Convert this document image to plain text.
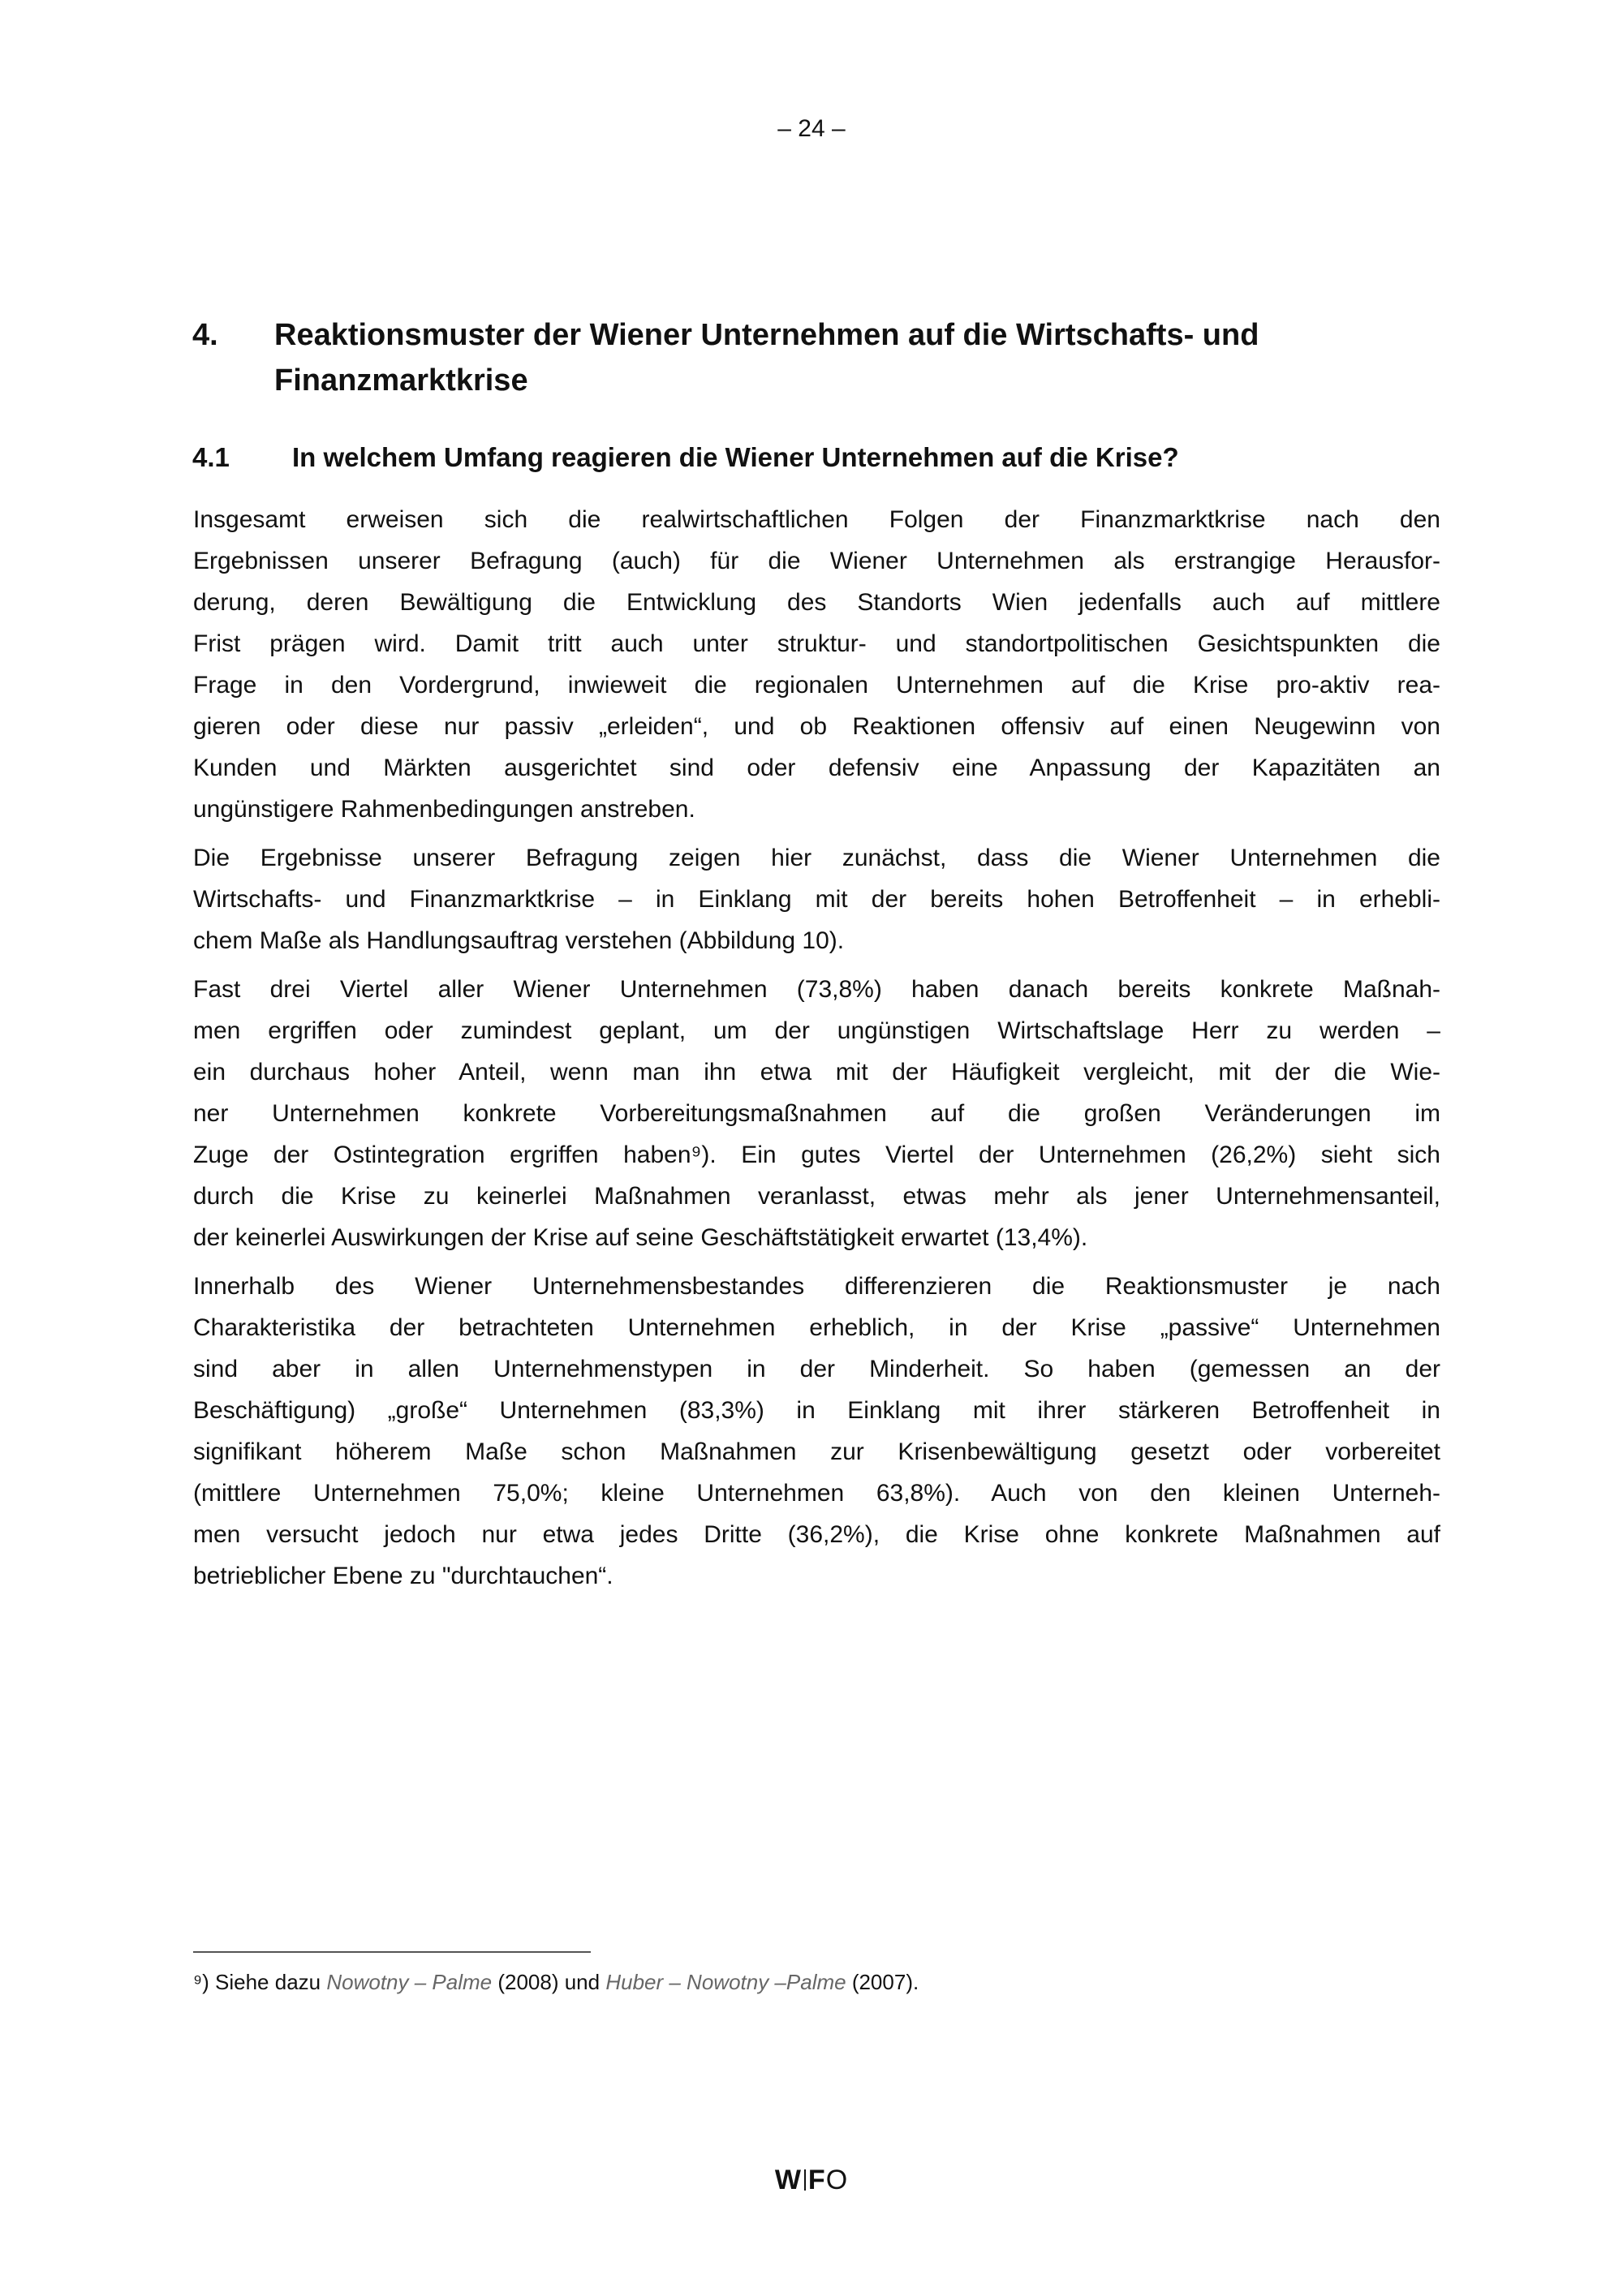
– 24 –
4. Reaktionsmuster der Wiener Unternehmen auf die Wirtschafts- und Finanzmarktkrise
4.1 In welchem Umfang reagieren die Wiener Unternehmen auf die Krise?
Insgesamt erweisen sich die realwirtschaftlichen Folgen der Finanzmarktkrise nach den
Ergebnissen unserer Befragung (auch) für die Wiener Unternehmen als erstrangige Herausfor-
derung, deren Bewältigung die Entwicklung des Standorts Wien jedenfalls auch auf mittlere
Frist prägen wird. Damit tritt auch unter struktur- und standortpolitischen Gesichtspunkten die
Frage in den Vordergrund, inwieweit die regionalen Unternehmen auf die Krise pro-aktiv rea-
gieren oder diese nur passiv „erleiden“, und ob Reaktionen offensiv auf einen Neugewinn von
Kunden und Märkten ausgerichtet sind oder defensiv eine Anpassung der Kapazitäten an
ungünstigere Rahmenbedingungen anstreben.
Die Ergebnisse unserer Befragung zeigen hier zunächst, dass die Wiener Unternehmen die
Wirtschafts- und Finanzmarktkrise – in Einklang mit der bereits hohen Betroffenheit – in erhebli-
chem Maße als Handlungsauftrag verstehen (Abbildung 10).
Fast drei Viertel aller Wiener Unternehmen (73,8%) haben danach bereits konkrete Maßnah-
men ergriffen oder zumindest geplant, um der ungünstigen Wirtschaftslage Herr zu werden –
ein durchaus hoher Anteil, wenn man ihn etwa mit der Häufigkeit vergleicht, mit der die Wie-
ner Unternehmen konkrete Vorbereitungsmaßnahmen auf die großen Veränderungen im
Zuge der Ostintegration ergriffen haben⁹). Ein gutes Viertel der Unternehmen (26,2%) sieht sich
durch die Krise zu keinerlei Maßnahmen veranlasst, etwas mehr als jener Unternehmensanteil,
der keinerlei Auswirkungen der Krise auf seine Geschäftstätigkeit erwartet (13,4%).
Innerhalb des Wiener Unternehmensbestandes differenzieren die Reaktionsmuster je nach
Charakteristika der betrachteten Unternehmen erheblich, in der Krise „passive“ Unternehmen
sind aber in allen Unternehmenstypen in der Minderheit. So haben (gemessen an der
Beschäftigung) „große“ Unternehmen (83,3%) in Einklang mit ihrer stärkeren Betroffenheit in
signifikant höherem Maße schon Maßnahmen zur Krisenbewältigung gesetzt oder vorbereitet
(mittlere Unternehmen 75,0%; kleine Unternehmen 63,8%). Auch von den kleinen Unterneh-
men versucht jedoch nur etwa jedes Dritte (36,2%), die Krise ohne konkrete Maßnahmen auf
betrieblicher Ebene zu "durchtauchen“.
⁹) Siehe dazu Nowotny – Palme (2008) und Huber – Nowotny –Palme (2007).
W FO
